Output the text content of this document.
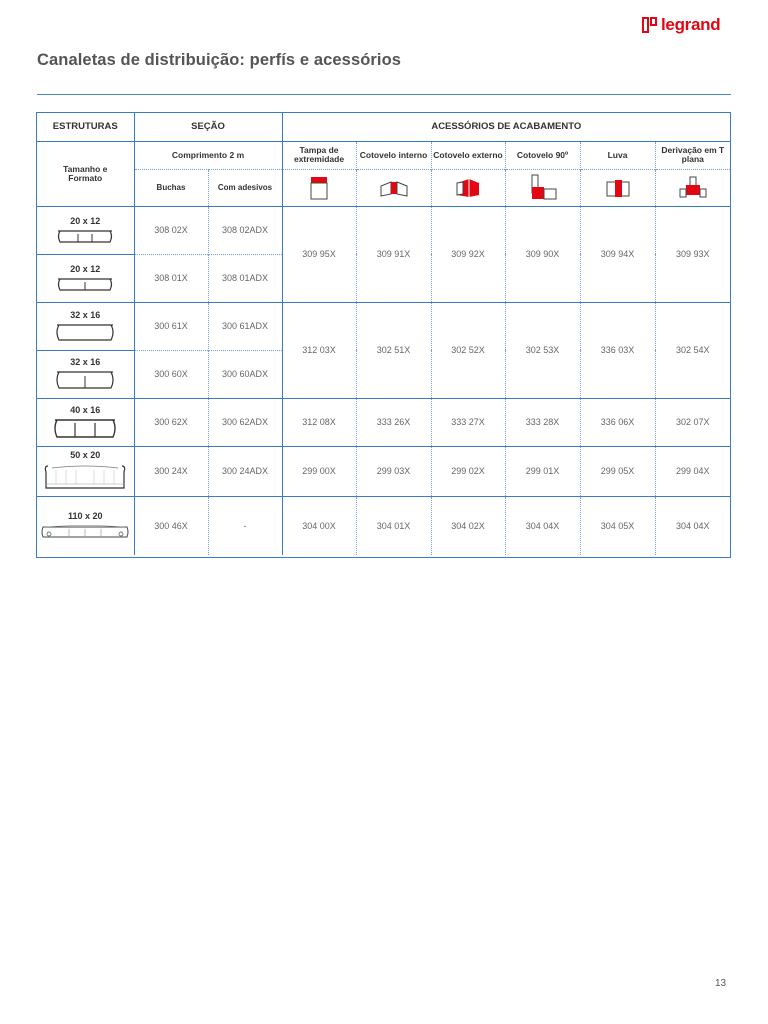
legrand
Canaletas de distribuição: perfís e acessórios
ESTRUTURAS	SEÇÃO		ACESSÓRIOS DE ACABAMENTO					
Tamanho e Formato	Comprimento 2 m		Tampa de extremidade	Cotovelo interno	Cotovelo externo	Cotovelo 90º	Luva	Derivação em T plana
	Buchas	Com adesivos	

20 x 12	308 02X	308 02ADX	309 95X	309 91X	309 92X	309 90X	309 94X	309 93X

20 x 12	308 01X	308 01ADX						

32 x 16	300 61X	300 61ADX	312 03X	302 51X	302 52X	302 53X	336 03X	302 54X

32 x 16	300 60X	300 60ADX						

40 x 16	300 62X	300 62ADX	312 08X	333 26X	333 27X	333 28X	336 06X	302 07X

50 x 20	300 24X	300 24ADX	299 00X	299 03X	299 02X	299 01X	299 05X	299 04X

110 x 20	300 46X	-	304 00X	304 01X	304 02X	304 04X	304 05X	304 04X
13
